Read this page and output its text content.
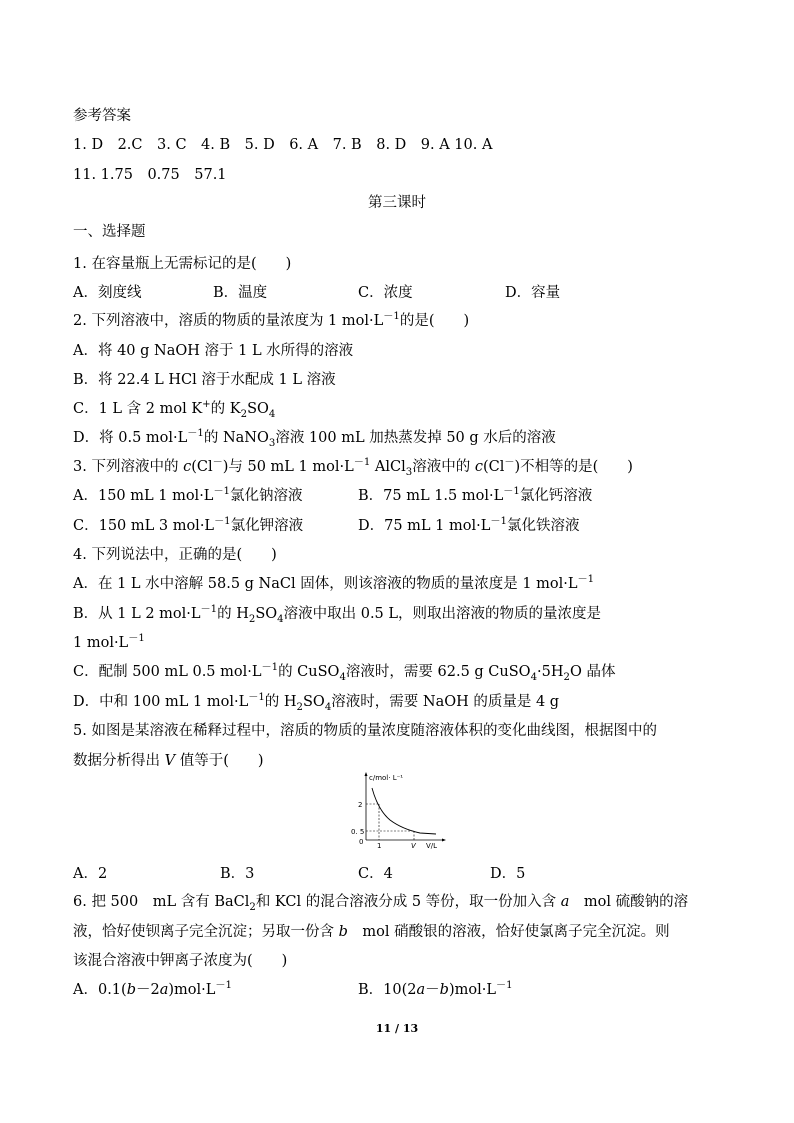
参考答案
1. D　2.C　3. C　4. B　5. D　6. A　7. B　8. D　9. A 10. A
11. 1.75　0.75　57.1
第三课时
一、选择题
1. 在容量瓶上无需标记的是(　　)
A．刻度线	B．温度	C．浓度	D．容量
2. 下列溶液中，溶质的物质的量浓度为 1 $mol\cdot L^{-1}$的是(　　)
A．将 40 g NaOH 溶于 1 L 水所得的溶液
B．将 22.4 L HCl 溶于水配成 1 L 溶液
C．1 L 含 2 mol K+的 $K_2SO_4$
D．将 0.5 $mol\cdot L^{-1}$的 NaNO$_3$溶液 100 mL 加热蒸发掉 50 g 水后的溶液
3. 下列溶液中的 c(Cl－)与 50 mL 1 $mol\cdot L^{-1}$ AlCl$_3$溶液中的 c(Cl－)不相等的是(　　)
A．150 mL 1 $mol\cdot L^{-1}$氯化钠溶液	B．75 mL 1.5 $mol\cdot L^{-1}$氯化钙溶液
C．150 mL 3 $mol\cdot L^{-1}$氯化钾溶液	D．75 mL 1 $mol\cdot L^{-1}$氯化铁溶液
4. 下列说法中，正确的是(　　)
A．在 1 L 水中溶解 58.5 g NaCl 固体，则该溶液的物质的量浓度是 1 $mol\cdot L^{-1}$
B．从 1 L 2 $mol\cdot L^{-1}$的 $H_2SO_4$溶液中取出 0.5 L，则取出溶液的物质的量浓度是
1 $mol\cdot L^{-1}$
C．配制 500 mL 0.5 $mol\cdot L^{-1}$的 CuSO$_4$溶液时，需要 62.5 g $CuSO_4\cdot 5H_2O$ 晶体
D．中和 100 mL 1 $mol\cdot L^{-1}$的 $H_2SO_4$溶液时，需要 NaOH 的质量是 4 g
5. 如图是某溶液在稀释过程中，溶质的物质的量浓度随溶液体积的变化曲线图，根据图中的
数据分析得出 V 值等于(　　)
c/mol· L⁻¹
V/L
2
0. 5
0 1	V
A．2	B．3	C．4	D．5
6. 把 500　mL 含有 BaCl$_2$和 KCl 的混合溶液分成 5 等份，取一份加入含 a　mol 硫酸钠的溶
液，恰好使钡离子完全沉淀；另取一份含 b　mol 硝酸银的溶液，恰好使氯离子完全沉淀。则
该混合溶液中钾离子浓度为(　　)
A．$0.1(b-2a)mol\cdot L^{-1}$	B．$10(2a-b)mol\cdot L^{-1}$
11 / 13
